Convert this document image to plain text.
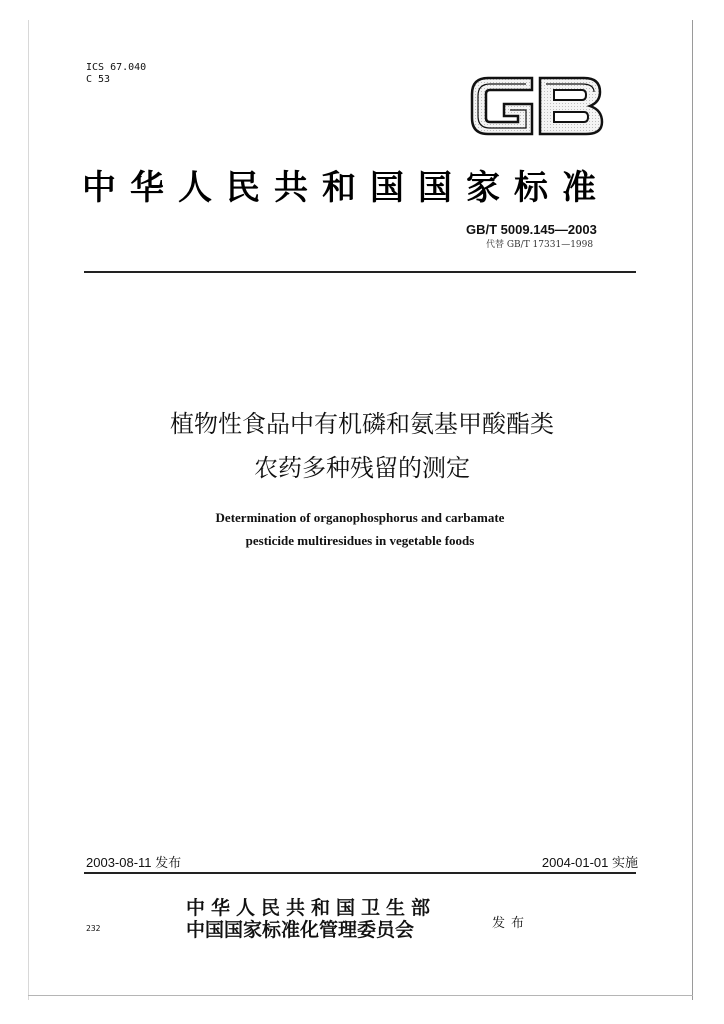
ICS 67.040
C 53
中华人民共和国国家标准
GB/T 5009.145—2003
代替 GB/T 17331—1998
植物性食品中有机磷和氨基甲酸酯类
农药多种残留的测定
Determination of organophosphorus and carbamate
pesticide multiresidues in vegetable foods
2003-08-11 发布	2004-01-01 实施
232
中华人民共和国卫生部
中国国家标准化管理委员会	发布
